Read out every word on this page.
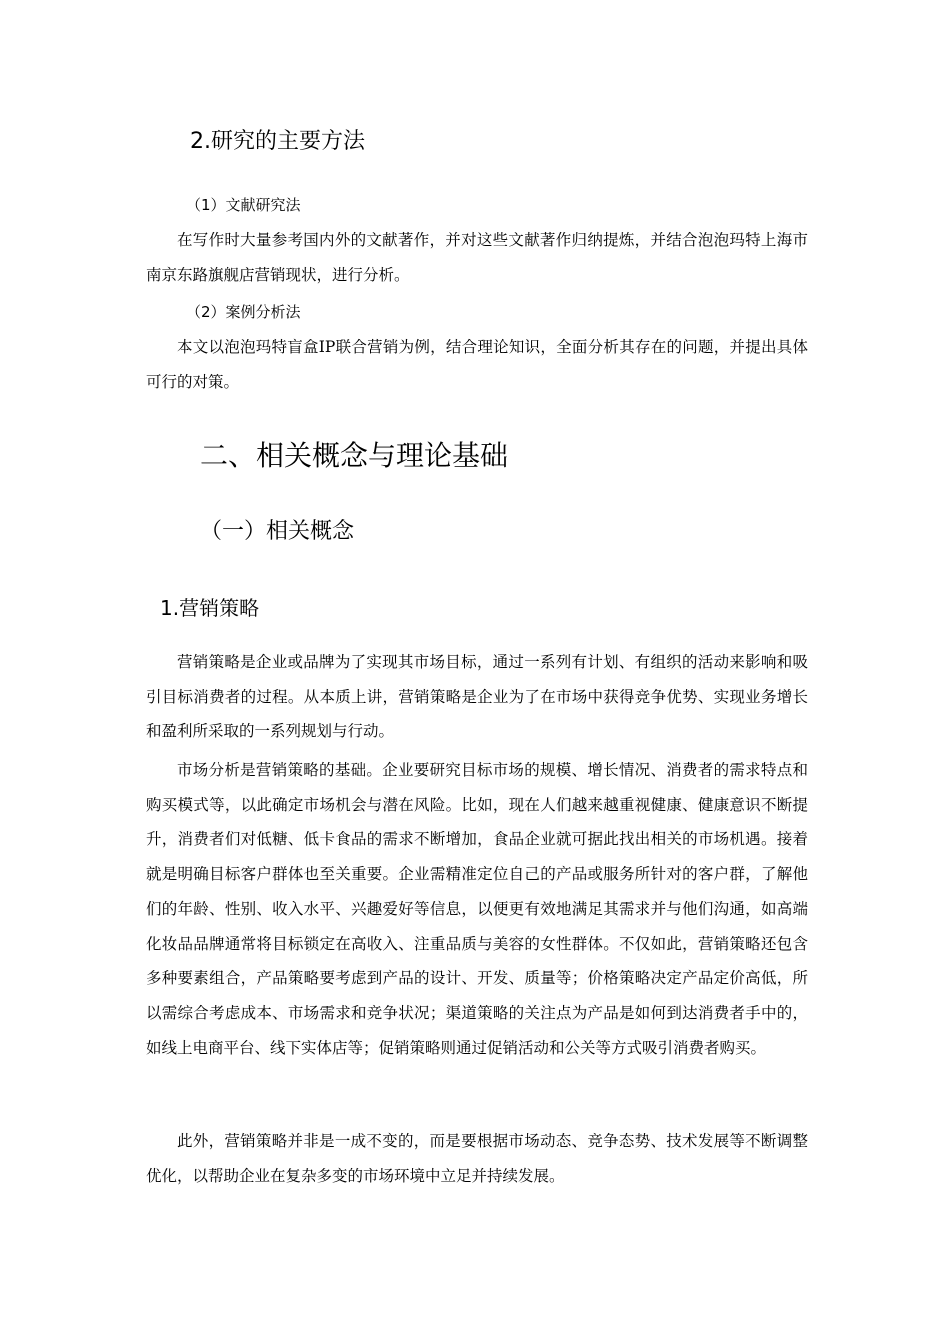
2.研究的主要方法
（1）文献研究法

在写作时大量参考国内外的文献著作，并对这些文献著作归纳提炼，并结合泡泡玛特上海市南京东路旗舰店营销现状，进行分析。

（2）案例分析法

本文以泡泡玛特盲盒IP联合营销为例，结合理论知识，全面分析其存在的问题，并提出具体可行的对策。

二、相关概念与理论基础
（一）相关概念
1.营销策略

营销策略是企业或品牌为了实现其市场目标，通过一系列有计划、有组织的活动来影响和吸引目标消费者的过程。从本质上讲，营销策略是企业为了在市场中获得竞争优势、实现业务增长和盈利所采取的一系列规划与行动。

市场分析是营销策略的基础。企业要研究目标市场的规模、增长情况、消费者的需求特点和购买模式等，以此确定市场机会与潜在风险。比如，现在人们越来越重视健康、健康意识不断提升，消费者们对低糖、低卡食品的需求不断增加，食品企业就可据此找出相关的市场机遇。接着就是明确目标客户群体也至关重要。企业需精准定位自己的产品或服务所针对的客户群，了解他们的年龄、性别、收入水平、兴趣爱好等信息，以便更有效地满足其需求并与他们沟通，如高端化妆品品牌通常将目标锁定在高收入、注重品质与美容的女性群体。不仅如此，营销策略还包含多种要素组合，产品策略要考虑到产品的设计、开发、质量等；价格策略决定产品定价高低，所以需综合考虑成本、市场需求和竞争状况；渠道策略的关注点为产品是如何到达消费者手中的，如线上电商平台、线下实体店等；促销策略则通过促销活动和公关等方式吸引消费者购买。

此外，营销策略并非是一成不变的，而是要根据市场动态、竞争态势、技术发展等不断调整优化，以帮助企业在复杂多变的市场环境中立足并持续发展。
